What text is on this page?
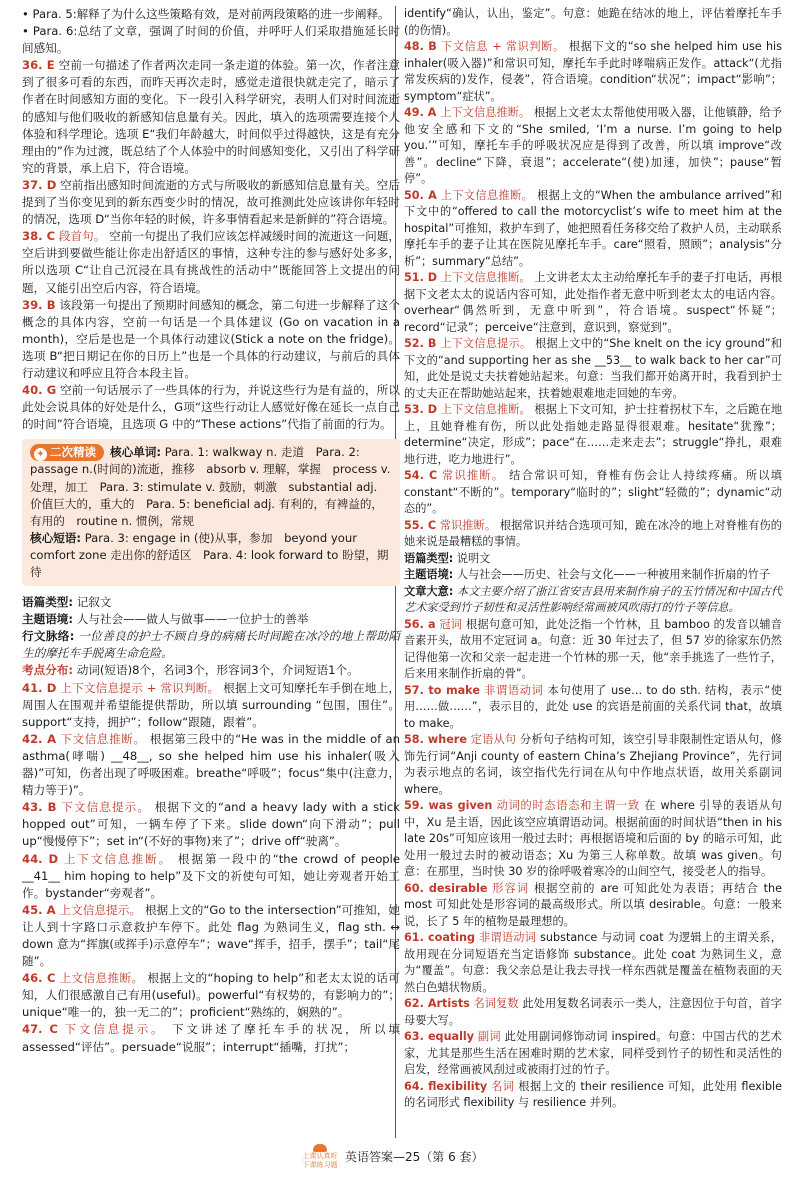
• Para. 5:解释了为什么这些策略有效，是对前两段策略的进一步阐释。

• Para. 6:总结了文章，强调了时间的价值，并呼吁人们采取措施延长时间感知。

36. E 空前一句描述了作者两次走同一条走道的体验。第一次，作者注意到了很多可看的东西，而昨天再次走时，感觉走道很快就走完了，暗示了作者在时间感知方面的变化。下一段引入科学研究，表明人们对时间流逝的感知与他们吸收的新感知信息量有关。因此，填入的选项需要连接个人体验和科学理论。选项 E“我们年龄越大，时间似乎过得越快，这是有充分理由的”作为过渡，既总结了个人体验中的时间感知变化，又引出了科学研究的背景，承上启下，符合语境。

37. D 空前指出感知时间流逝的方式与所吸收的新感知信息量有关。空后提到了当你变见到的新东西变少时的情况，故可推测此处应该讲你年轻时的情况，选项 D“当你年轻的时候，许多事情看起来是新鲜的”符合语境。

38. C 段首句。 空前一句提出了我们应该怎样减缓时间的流逝这一问题，空后讲到要做些能让你走出舒适区的事情，这种专注的参与感好处多多，所以选项 C“让自己沉浸在具有挑战性的活动中”既能回答上文提出的问题，又能引出空后内容，符合语境。

39. B 该段第一句提出了预期时间感知的概念，第二句进一步解释了这个概念的具体内容，空前一句话是一个具体建议 (Go on vacation in a month)，空后是也是一个具体行动建议(Stick a note on the fridge)。选项 B“把日期记在你的日历上”也是一个具体的行动建议，与前后的具体行动建议和呼应且符合本段主旨。

40. G 空前一句话展示了一些具体的行为，并说这些行为是有益的，所以此处会说具体的好处是什么，G项“这些行动让人感觉好像在延长一点自己的时间”符合语境，且选项 G 中的“These actions”代指了前面的行为。

✦ 二次精读 核心单词: Para. 1: walkway n. 走道　Para. 2: passage n.(时间的)流逝，推移　absorb v. 理解，掌握　process v. 处理，加工　Para. 3: stimulate v. 鼓励，刺激　substantial adj. 价值巨大的，重大的　Para. 5: beneficial adj. 有利的，有裨益的，有用的　routine n. 惯例，常规
核心短语: Para. 3: engage in (使)从事，参加　beyond your comfort zone 走出你的舒适区　Para. 4: look forward to 盼望，期待

语篇类型: 记叙文

主题语境: 人与社会——做人与做事——一位护士的善举

行文脉络: 一位善良的护士不顾自身的病痛长时间跪在冰冷的地上帮助陌生的摩托车手脱离生命危险。

考点分布: 动词(短语)8个，名词3个，形容词3个，介词短语1个。

41. D 上下文信息提示 + 常识判断。 根据上文可知摩托车手倒在地上，周围人在围观并希望能提供帮助，所以填 surrounding “包围，围住”。support“支持，拥护”；follow“跟随，跟着”。

42. A 下文信息推断。 根据第三段中的“He was in the middle of an asthma(哮喘) __48__, so she helped him use his inhaler(吸入器)”可知，伤者出现了呼吸困难。breathe“呼吸”；focus“集中(注意力，精力等于)”。

43. B 下文信息提示。 根据下文的“and a heavy lady with a stick hopped out”可知，一辆车停了下来。slide down“向下滑动”；pull up“慢慢停下”；set in“(不好的事物)来了”；drive off“驶离”。

44. D 上下文信息推断。 根据第一段中的“the crowd of people __41__ him hoping to help”及下文的祈使句可知，她让旁观者开始工作。bystander“旁观者”。

45. A 上文信息提示。 根据上文的“Go to the intersection”可推知，她让人到十字路口示意救护车停下。此处 flag 为熟词生义，flag sth. ↔ down 意为“挥旗(或挥手)示意停车”；wave“挥手，招手，摆手”；tail“尾随”。

46. C 上文信息推断。 根据上文的“hoping to help”和老太太说的话可知，人们很感激自己有用(useful)。powerful“有权势的，有影响力的”；unique“唯一的，独一无二的”；proficient“熟练的，娴熟的”。

47. C 下文信息提示。 下文讲述了摩托车手的状况，所以填 assessed“评估”。persuade“说服”；interrupt“插嘴，打扰”；

identify“确认，认出，鉴定”。句意：她跪在结冰的地上，评估着摩托车手(的伤情)。

48. B 下文信息 + 常识判断。 根据下文的“so she helped him use his inhaler(吸入器)”和常识可知，摩托车手此时哮喘病正发作。attack“(尤指常发疾病的)发作，侵袭”，符合语境。condition“状况”；impact“影响”；symptom“症状”。

49. A 上下文信息推断。 根据上文老太太帮他使用吸入器，让他镇静，给予他安全感和下文的“She smiled, ‘I’m a nurse. I’m going to help you.’”可知，摩托车手的呼吸状况应是得到了改善，所以填 improve“改善”。decline“下降，衰退”；accelerate“(使)加速，加快”；pause“暂停”。

50. A 上下文信息推断。 根据上文的“When the ambulance arrived”和下文中的“offered to call the motorcyclist’s wife to meet him at the hospital”可推知，救护车到了，她把照看任务移交给了救护人员，主动联系摩托车手的妻子让其在医院见摩托车手。care“照看，照顾”；analysis“分析”；summary“总结”。

51. D 上下文信息推断。 上文讲老太太主动给摩托车手的妻子打电话，再根据下文老太太的说话内容可知，此处指作者无意中听到老太太的电话内容。overhear“偶然听到，无意中听到”，符合语境。suspect“怀疑”；record“记录”；perceive“注意到，意识到，察觉到”。

52. B 上下文信息提示。 根据上文中的“She knelt on the icy ground”和下文的“and supporting her as she __53__ to walk back to her car”可知，此处是说丈夫扶着她站起来。句意：当我们都开始离开时，我看到护士的丈夫正在帮助她站起来，扶着她艰难地走回她的车旁。

53. D 上下文信息推断。 根据上下文可知，护士拄着拐杖下车，之后跪在地上，且她脊椎有伤，所以此处指她走路显得很艰难。hesitate“犹豫”；determine“决定，形成”；pace“在……走来走去”；struggle“挣扎，艰难地行进，吃力地进行”。

54. C 常识推断。 结合常识可知，脊椎有伤会让人持续疼痛。所以填 constant“不断的”。temporary“临时的”；slight“轻微的”；dynamic“动态的”。

55. C 常识推断。 根据常识并结合选项可知，跪在冰冷的地上对脊椎有伤的她来说是最糟糕的事情。

语篇类型: 说明文

主题语境: 人与社会——历史、社会与文化——一种被用来制作折扇的竹子

文章大意: 本文主要介绍了浙江省安吉县用来制作扇子的玉竹情况和中国古代艺术家受到竹子韧性和灵活性影响经常画被风吹雨打的竹子等信息。

56. a 冠词 根据句意可知，此处泛指一个竹林，且 bamboo 的发音以辅音音素开头，故用不定冠词 a。句意：近 30 年过去了，但 57 岁的徐家东仍然记得他第一次和父亲一起走进一个竹林的那一天，他“亲手挑选了一些竹子，后来用来制作折扇的骨”。

57. to make 非谓语动词 本句使用了 use… to do sth. 结构，表示“使用……做……”，表示目的，此处 use 的宾语是前面的关系代词 that，故填 to make。

58. where 定语从句 分析句子结构可知，该空引导非限制性定语从句，修饰先行词“Anji county of eastern China’s Zhejiang Province”，先行词为表示地点的名词，该空指代先行词在从句中作地点状语，故用关系副词 where。

59. was given 动词的时态语态和主谓一致 在 where 引导的表语从句中，Xu 是主语，因此该空应填谓语动词。根据前面的时间状语“then in his late 20s”可知应该用一般过去时；再根据语境和后面的 by 的暗示可知，此处用一般过去时的被动语态；Xu 为第三人称单数。故填 was given。句意：在那里，当时快 30 岁的徐呼吸着寒冷的山间空气，接受老人的指导。

60. desirable 形容词 根据空前的 are 可知此处为表语；再结合 the most 可知此处是形容词的最高级形式。所以填 desirable。句意：一般来说，长了 5 年的植物是最理想的。

61. coating 非谓语动词 substance 与动词 coat 为逻辑上的主谓关系，故用现在分词短语充当定语修饰 substance。此处 coat 为熟词生义，意为“覆盖”。句意：我父亲总是让我去寻找一样东西就是覆盖在植物表面的天然白色蜡状物质。

62. Artists 名词复数 此处用复数名词表示一类人，注意因位于句首，首字母要大写。

63. equally 副词 此处用副词修饰动词 inspired。句意：中国古代的艺术家，尤其是那些生活在困难时期的艺术家，同样受到竹子的韧性和灵活性的启发，经常画被风刮过或被雨打过的竹子。

64. flexibility 名词 根据上文的 their resilience 可知，此处用 flexible 的名词形式 flexibility 与 resilience 并列。

上课认真听 下课练习题
英语答案—25（第 6 套）
